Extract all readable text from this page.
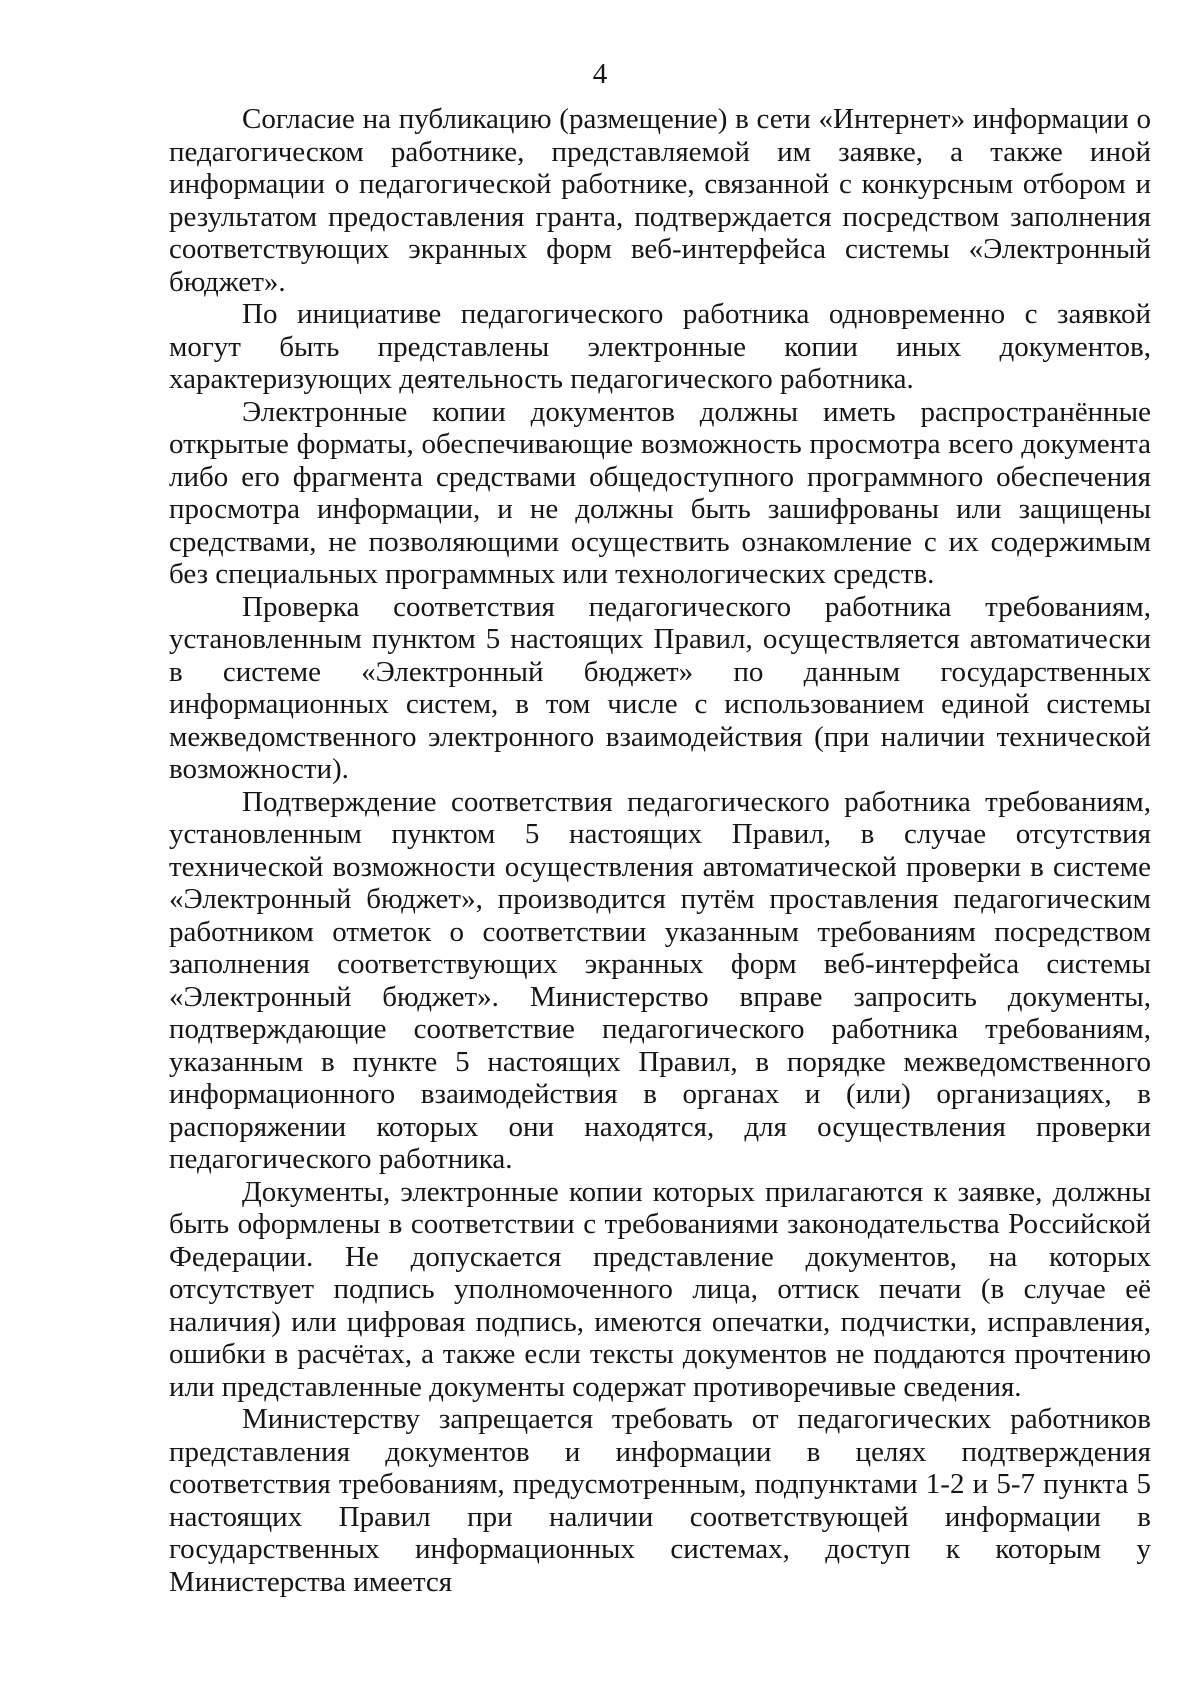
4

Согласие на публикацию (размещение) в сети «Интернет» информации о педагогическом работнике, представляемой им заявке, а также иной информации о педагогической работнике, связанной с конкурсным отбором и результатом предоставления гранта, подтверждается посредством заполнения соответствующих экранных форм веб-интерфейса системы «Электронный бюджет».

По инициативе педагогического работника одновременно с заявкой могут быть представлены электронные копии иных документов, характеризующих деятельность педагогического работника.

Электронные копии документов должны иметь распространённые открытые форматы, обеспечивающие возможность просмотра всего документа либо его фрагмента средствами общедоступного программного обеспечения просмотра информации, и не должны быть зашифрованы или защищены средствами, не позволяющими осуществить ознакомление с их содержимым без специальных программных или технологических средств.

Проверка соответствия педагогического работника требованиям, установленным пунктом 5 настоящих Правил, осуществляется автоматически в системе «Электронный бюджет» по данным государственных информационных систем, в том числе с использованием единой системы межведомственного электронного взаимодействия (при наличии технической возможности).

Подтверждение соответствия педагогического работника требованиям, установленным пунктом 5 настоящих Правил, в случае отсутствия технической возможности осуществления автоматической проверки в системе «Электронный бюджет», производится путём проставления педагогическим работником отметок о соответствии указанным требованиям посредством заполнения соответствующих экранных форм веб-интерфейса системы «Электронный бюджет». Министерство вправе запросить документы, подтверждающие соответствие педагогического работника требованиям, указанным в пункте 5 настоящих Правил, в порядке межведомственного информационного взаимодействия в органах и (или) организациях, в распоряжении которых они находятся, для осуществления проверки педагогического работника.

Документы, электронные копии которых прилагаются к заявке, должны быть оформлены в соответствии с требованиями законодательства Российской Федерации. Не допускается представление документов, на которых отсутствует подпись уполномоченного лица, оттиск печати (в случае её наличия) или цифровая подпись, имеются опечатки, подчистки, исправления, ошибки в расчётах, а также если тексты документов не поддаются прочтению или представленные документы содержат противоречивые сведения.

Министерству запрещается требовать от педагогических работников представления документов и информации в целях подтверждения соответствия требованиям, предусмотренным, подпунктами 1-2 и 5-7 пункта 5 настоящих Правил при наличии соответствующей информации в государственных информационных системах, доступ к которым у Министерства имеется
